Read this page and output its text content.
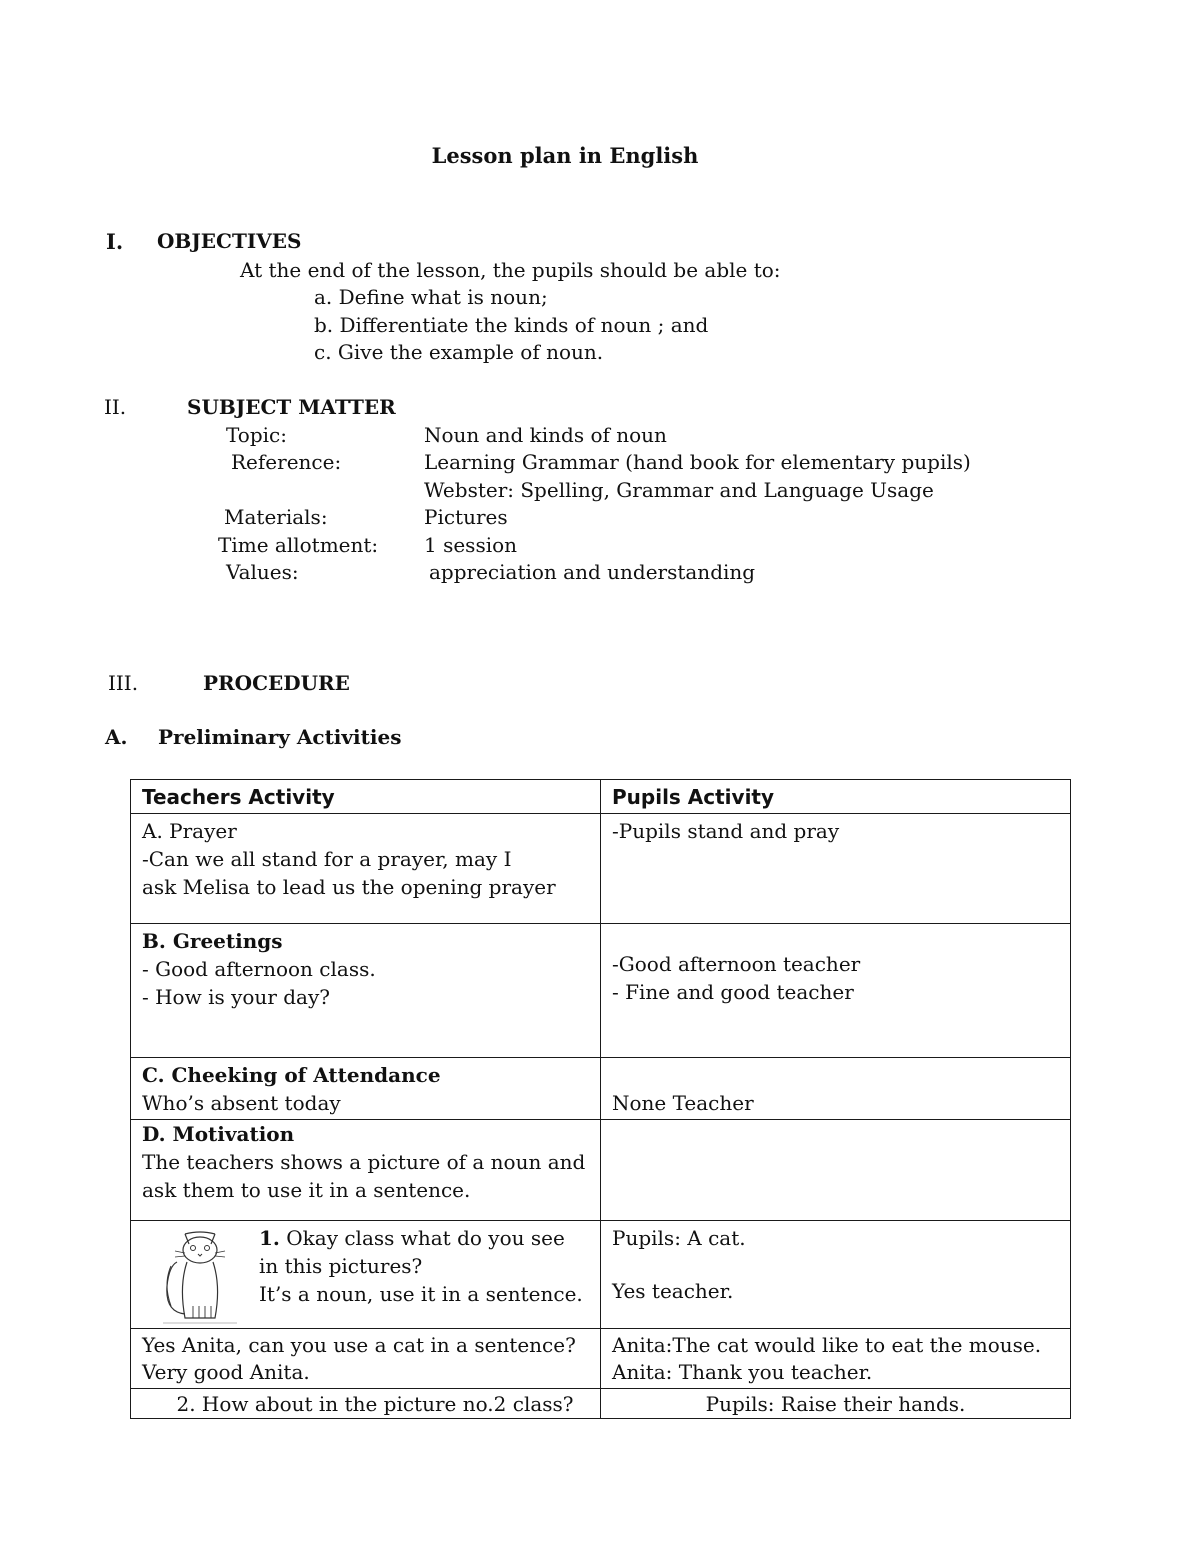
Lesson plan in English
I. OBJECTIVES
At the end of the lesson, the pupils should be able to:
a. Define what is noun;
b. Differentiate the kinds of noun ; and
c. Give the example of noun.
II.	SUBJECT MATTER
Topic:	Noun and kinds of noun
Reference:	Learning Grammar (hand book for elementary pupils)
Webster: Spelling, Grammar and Language Usage
Materials:	Pictures
Time allotment: 1 session
Values:	appreciation and understanding
III.	PROCEDURE
A. Preliminary Activities
Teachers Activity	Pupils Activity

A. Prayer
-Can we all stand for a prayer, may I
ask Melisa to lead us the opening prayer	-Pupils stand and pray

B. Greetings
- Good afternoon class.
- How is your day?	-Good afternoon teacher
- Fine and good teacher

C. Cheeking of Attendance
Who’s absent today	None Teacher

D. Motivation
The teachers shows a picture of a noun and
ask them to use it in a sentence.	

1. Okay class what do you see
in this pictures?
It’s a noun, use it in a sentence.	Pupils: A cat.
Yes teacher.

Yes Anita, can you use a cat in a sentence?
Very good Anita.	Anita:The cat would like to eat the mouse.
Anita: Thank you teacher.

2. How about in the picture no.2 class?	Pupils: Raise their hands.
